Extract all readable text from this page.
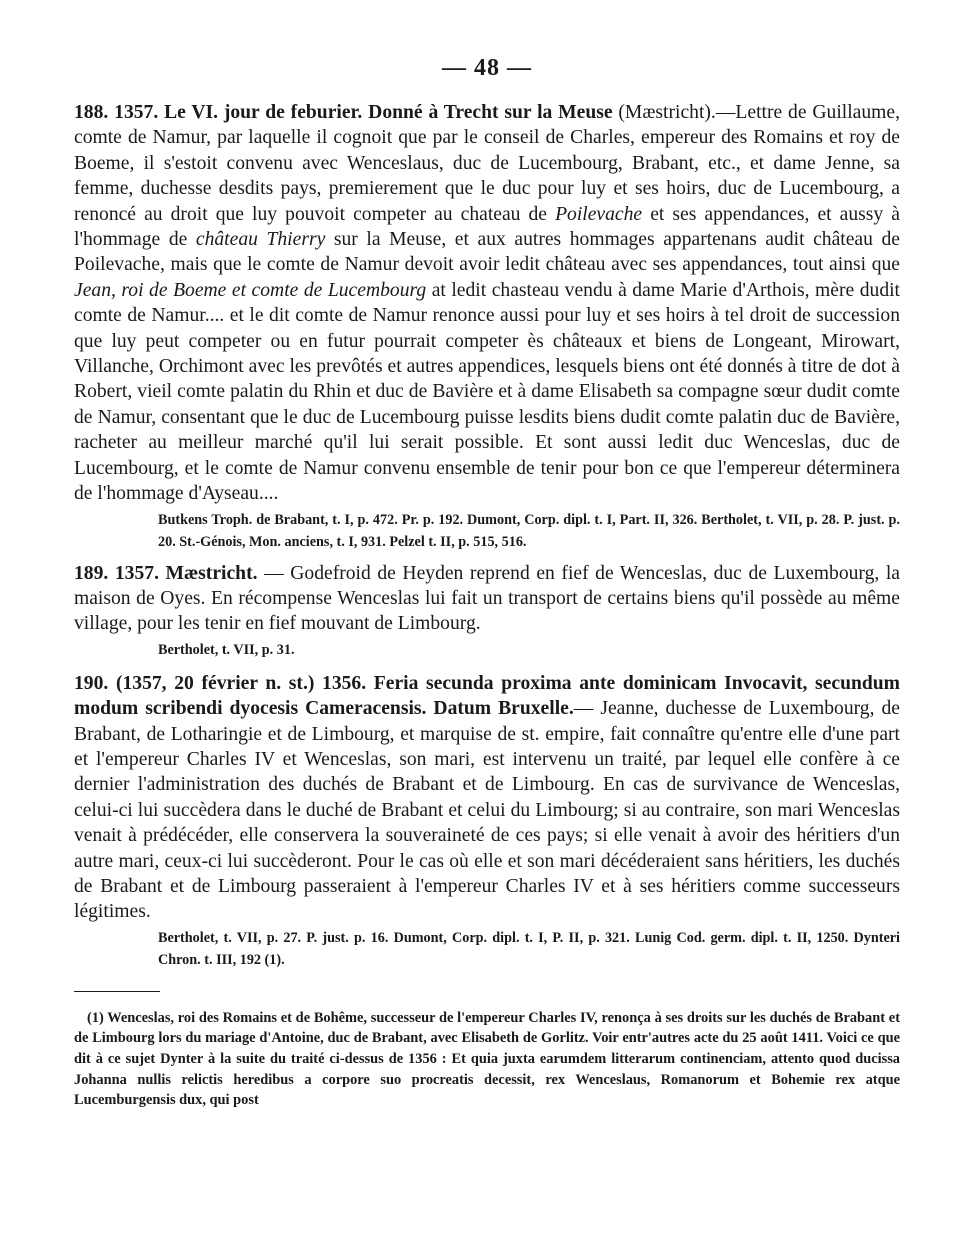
— 48 —
188. 1357. Le VI. jour de feburier. Donné à Trecht sur la Meuse (Mæstricht).—Lettre de Guillaume, comte de Namur, par laquelle il cognoit que par le conseil de Charles, empereur des Romains et roy de Boeme, il s'estoit convenu avec Wenceslaus, duc de Lucembourg, Brabant, etc., et dame Jenne, sa femme, duchesse desdits pays, premierement que le duc pour luy et ses hoirs, duc de Lucembourg, a renoncé au droit que luy pouvoit competer au chateau de Poilevache et ses appendances, et aussy à l'hommage de château Thierry sur la Meuse, et aux autres hommages appartenans audit château de Poilevache, mais que le comte de Namur devoit avoir ledit château avec ses appendances, tout ainsi que Jean, roi de Boeme et comte de Lucembourg at ledit chasteau vendu à dame Marie d'Arthois, mère dudit comte de Namur.... et le dit comte de Namur renonce aussi pour luy et ses hoirs à tel droit de succession que luy peut competer ou en futur pourrait competer ès châteaux et biens de Longeant, Mirowart, Villanche, Orchimont avec les prevôtés et autres appendices, lesquels biens ont été donnés à titre de dot à Robert, vieil comte palatin du Rhin et duc de Bavière et à dame Elisabeth sa compagne sœur dudit comte de Namur, consentant que le duc de Lucembourg puisse lesdits biens dudit comte palatin duc de Bavière, racheter au meilleur marché qu'il lui serait possible. Et sont aussi ledit duc Wenceslas, duc de Lucembourg, et le comte de Namur convenu ensemble de tenir pour bon ce que l'empereur déterminera de l'hommage d'Ayseau....
Butkens Troph. de Brabant, t. I, p. 472. Pr. p. 192. Dumont, Corp. dipl. t. I, Part. II, 326. Bertholet, t. VII, p. 28. P. just. p. 20. St.-Génois, Mon. anciens, t. I, 931. Pelzel t. II, p. 515, 516.
189. 1357. Mæstricht. — Godefroid de Heyden reprend en fief de Wenceslas, duc de Luxembourg, la maison de Oyes. En récompense Wenceslas lui fait un transport de certains biens qu'il possède au même village, pour les tenir en fief mouvant de Limbourg.
Bertholet, t. VII, p. 31.
190. (1357, 20 février n. st.) 1356. Feria secunda proxima ante dominicam Invocavit, secundum modum scribendi dyocesis Cameracensis. Datum Bruxelle.— Jeanne, duchesse de Luxembourg, de Brabant, de Lotharingie et de Limbourg, et marquise de st. empire, fait connaître qu'entre elle d'une part et l'empereur Charles IV et Wenceslas, son mari, est intervenu un traité, par lequel elle confère à ce dernier l'administration des duchés de Brabant et de Limbourg. En cas de survivance de Wenceslas, celui-ci lui succèdera dans le duché de Brabant et celui du Limbourg; si au contraire, son mari Wenceslas venait à prédécéder, elle conservera la souveraineté de ces pays; si elle venait à avoir des héritiers d'un autre mari, ceux-ci lui succèderont. Pour le cas où elle et son mari décéderaient sans héritiers, les duchés de Brabant et de Limbourg passeraient à l'empereur Charles IV et à ses héritiers comme successeurs légitimes.
Bertholet, t. VII, p. 27. P. just. p. 16. Dumont, Corp. dipl. t. I, P. II, p. 321. Lunig Cod. germ. dipl. t. II, 1250. Dynteri Chron. t. III, 192 (1).
(1) Wenceslas, roi des Romains et de Bohême, successeur de l'empereur Charles IV, renonça à ses droits sur les duchés de Brabant et de Limbourg lors du mariage d'Antoine, duc de Brabant, avec Elisabeth de Gorlitz. Voir entr'autres acte du 25 août 1411. Voici ce que dit à ce sujet Dynter à la suite du traité ci-dessus de 1356 : Et quia juxta earumdem litterarum continenciam, attento quod ducissa Johanna nullis relictis heredibus a corpore suo procreatis decessit, rex Wenceslaus, Romanorum et Bohemie rex atque Lucemburgensis dux, qui post
